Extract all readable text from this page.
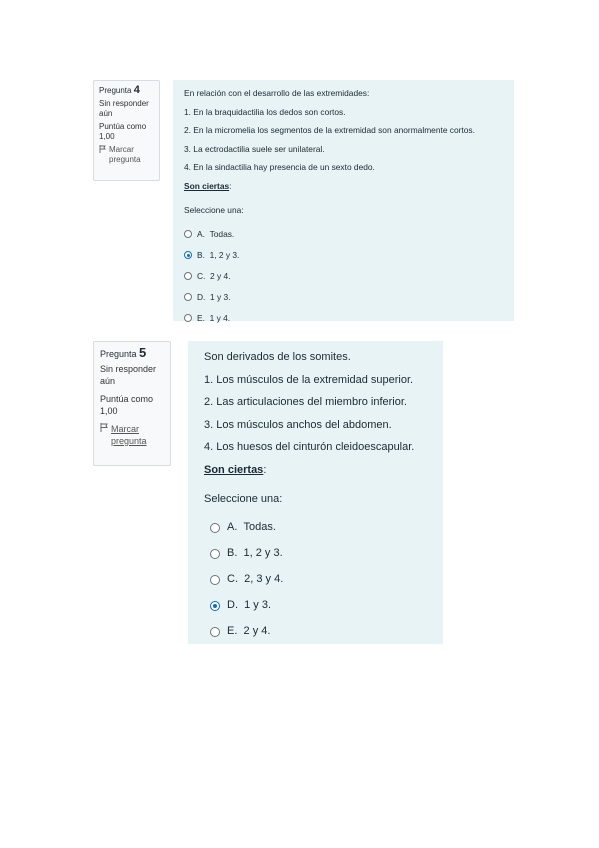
Pregunta 4

Sin responder aún

Puntúa como 1,00

Marcar pregunta

En relación con el desarrollo de las extremidades:

1. En la braquidactilia los dedos son cortos.

2. En la micromelia los segmentos de la extremidad son anormalmente cortos.

3. La ectrodactilia suele ser unilateral.

4. En la sindactilia hay presencia de un sexto dedo.

Son ciertas:

Seleccione una:

A.
Todas.
B.
1, 2 y 3.
C.
2 y 4.
D.
1 y 3.
E.
1 y 4.
Pregunta 5

Sin responder aún

Puntúa como 1,00

Marcar pregunta

Son derivados de los somites.

1. Los músculos de la extremidad superior.

2. Las articulaciones del miembro inferior.

3. Los músculos anchos del abdomen.

4. Los huesos del cinturón cleidoescapular.

Son ciertas:

Seleccione una:

A.
Todas.
B.
1, 2 y 3.
C.
2, 3 y 4.
D.
1 y 3.
E.
2 y 4.
